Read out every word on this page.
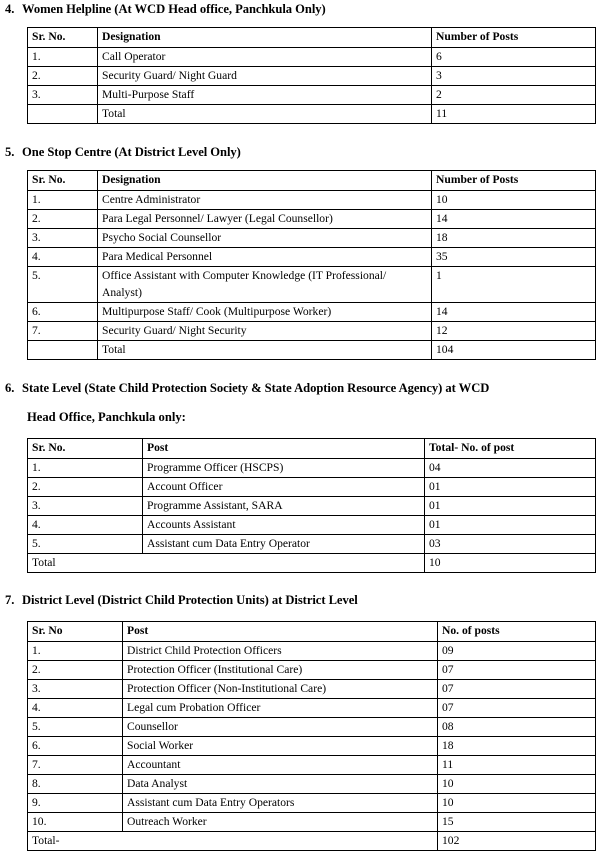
4. Women Helpline (At WCD Head office, Panchkula Only)
Sr. No.	Designation	Number of Posts
1.	Call Operator	6
2.	Security Guard/ Night Guard	3
3.	Multi-Purpose Staff	2
	Total	11
5. One Stop Centre (At District Level Only)
Sr. No.	Designation	Number of Posts
1.	Centre Administrator	10
2.	Para Legal Personnel/ Lawyer (Legal Counsellor)	14
3.	Psycho Social Counsellor	18
4.	Para Medical Personnel	35
5.	Office Assistant with Computer Knowledge (IT Professional/ Analyst)	1
6.	Multipurpose Staff/ Cook (Multipurpose Worker)	14
7.	Security Guard/ Night Security	12
	Total	104
6. State Level (State Child Protection Society & State Adoption Resource Agency) at WCD
Head Office, Panchkula only:
Sr. No.	Post	Total- No. of post
1.	Programme Officer (HSCPS)	04
2.	Account Officer	01
3.	Programme Assistant, SARA	01
4.	Accounts Assistant	01
5.	Assistant cum Data Entry Operator	03
Total		10
7. District Level (District Child Protection Units) at District Level
Sr. No	Post	No. of posts
1.	District Child Protection Officers	09
2.	Protection Officer (Institutional Care)	07
3.	Protection Officer (Non-Institutional Care)	07
4.	Legal cum Probation Officer	07
5.	Counsellor	08
6.	Social Worker	18
7.	Accountant	11
8.	Data Analyst	10
9.	Assistant cum Data Entry Operators	10
10.	Outreach Worker	15
Total-		102
